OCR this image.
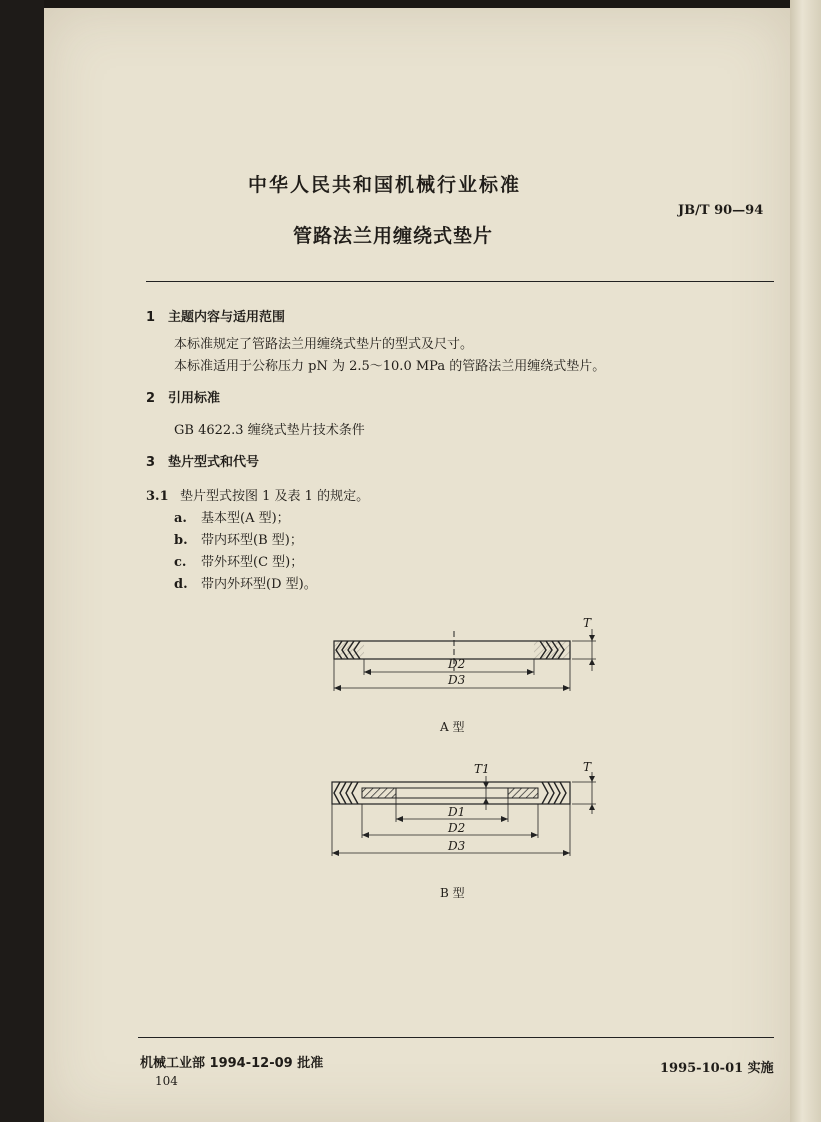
中华人民共和国机械行业标准
JB/T 90—94
管路法兰用缠绕式垫片
1 主题内容与适用范围
本标准规定了管路法兰用缠绕式垫片的型式及尺寸。
本标准适用于公称压力 pN 为 2.5～10.0 MPa 的管路法兰用缠绕式垫片。
2 引用标准
GB 4622.3 缠绕式垫片技术条件
3 垫片型式和代号
3.1 垫片型式按图 1 及表 1 的规定。
a. 基本型(A 型)；
b. 带内环型(B 型)；
c. 带外环型(C 型)；
d. 带内外环型(D 型)。
T
D2
D3
A 型
T1	T
D1
D2
D3
B 型
机械工业部 1994-12-09 批准	1995-10-01 实施
104
